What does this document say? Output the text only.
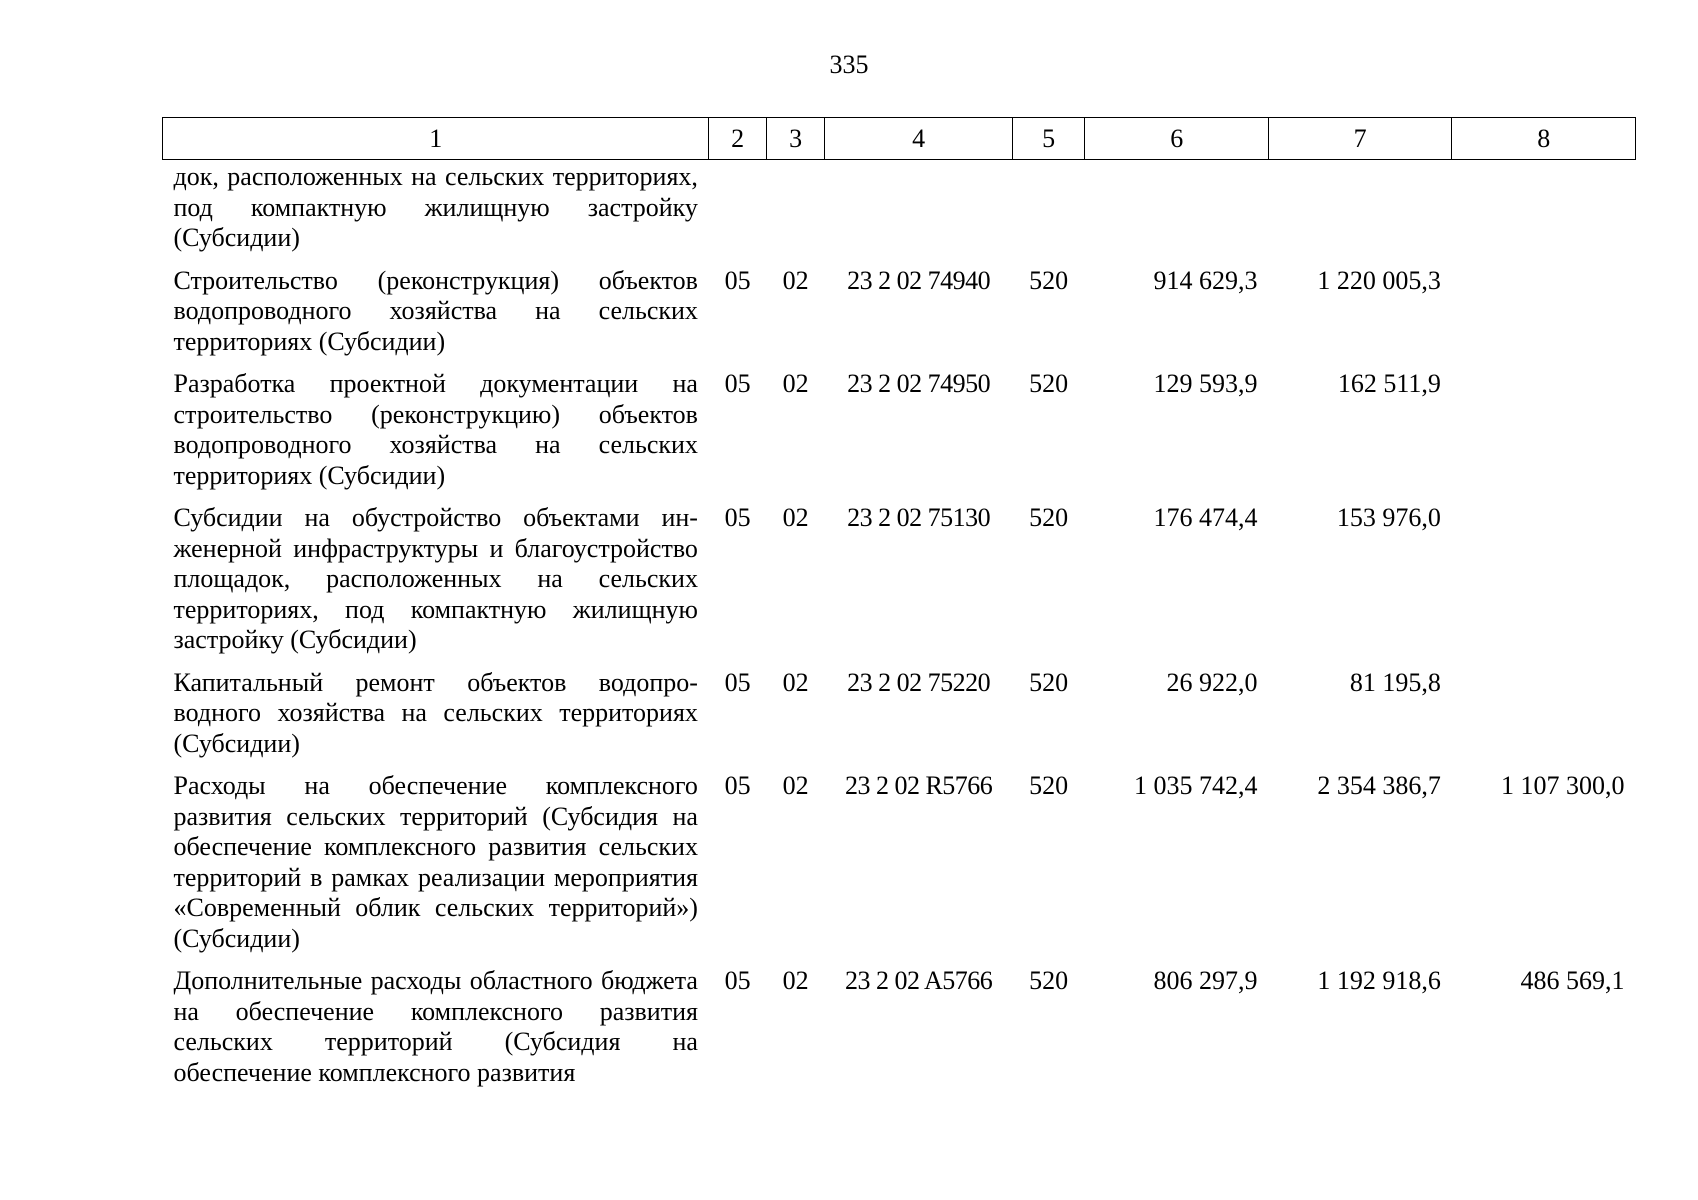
335
1	2	3	4	5	6	7	8
док, расположенных на сельских территориях, под компактную жилищную застройку (Субсидии)							
Строительство (реконструкция) объектов водопроводного хозяйства на сельских территориях (Субсидии)	05	02	23 2 02 74940	520	914 629,3	1 220 005,3	
Разработка проектной документации на строительство (реконструкцию) объектов водопроводного хозяйства на сельских территориях (Субсидии)	05	02	23 2 02 74950	520	129 593,9	162 511,9	
Субсидии на обустройство объектами инженерной инфраструктуры и благоустройство площадок, расположенных на сельских территориях, под компактную жилищную застройку (Субсидии)	05	02	23 2 02 75130	520	176 474,4	153 976,0	
Капитальный ремонт объектов водопроводного хозяйства на сельских территориях (Субсидии)	05	02	23 2 02 75220	520	26 922,0	81 195,8	
Расходы на обеспечение комплексного развития сельских территорий (Субсидия на обеспечение комплексного развития сельских территорий в рамках реализации мероприятия «Современный облик сельских территорий») (Субсидии)	05	02	23 2 02 R5766	520	1 035 742,4	2 354 386,7	1 107 300,0
Дополнительные расходы областного бюджета на обеспечение комплексного развития сельских территорий (Субсидия на обеспечение комплексного развития	05	02	23 2 02 A5766	520	806 297,9	1 192 918,6	486 569,1
